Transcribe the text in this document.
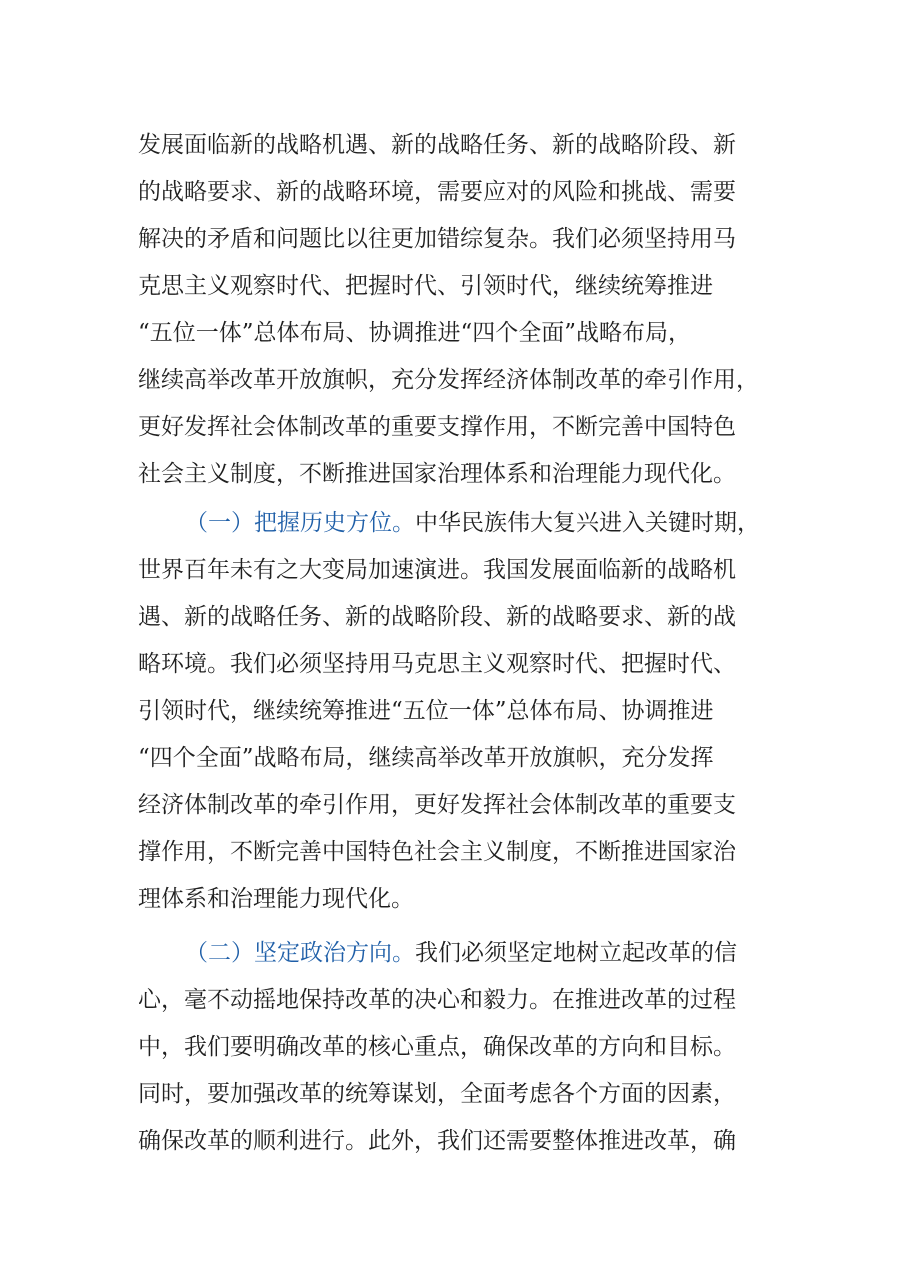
发展面临新的战略机遇、新的战略任务、新的战略阶段、新
的战略要求、新的战略环境，需要应对的风险和挑战、需要
解决的矛盾和问题比以往更加错综复杂。我们必须坚持用马
克思主义观察时代、把握时代、引领时代，继续统筹推进
“五位一体”总体布局、协调推进“四个全面”战略布局，
继续高举改革开放旗帜，充分发挥经济体制改革的牵引作用，
更好发挥社会体制改革的重要支撑作用，不断完善中国特色
社会主义制度，不断推进国家治理体系和治理能力现代化。
（一）把握历史方位。中华民族伟大复兴进入关键时期，
世界百年未有之大变局加速演进。我国发展面临新的战略机
遇、新的战略任务、新的战略阶段、新的战略要求、新的战
略环境。我们必须坚持用马克思主义观察时代、把握时代、
引领时代，继续统筹推进“五位一体”总体布局、协调推进
“四个全面”战略布局，继续高举改革开放旗帜，充分发挥
经济体制改革的牵引作用，更好发挥社会体制改革的重要支
撑作用，不断完善中国特色社会主义制度，不断推进国家治
理体系和治理能力现代化。
（二）坚定政治方向。我们必须坚定地树立起改革的信
心，毫不动摇地保持改革的决心和毅力。在推进改革的过程
中，我们要明确改革的核心重点，确保改革的方向和目标。
同时，要加强改革的统筹谋划，全面考虑各个方面的因素，
确保改革的顺利进行。此外，我们还需要整体推进改革，确
